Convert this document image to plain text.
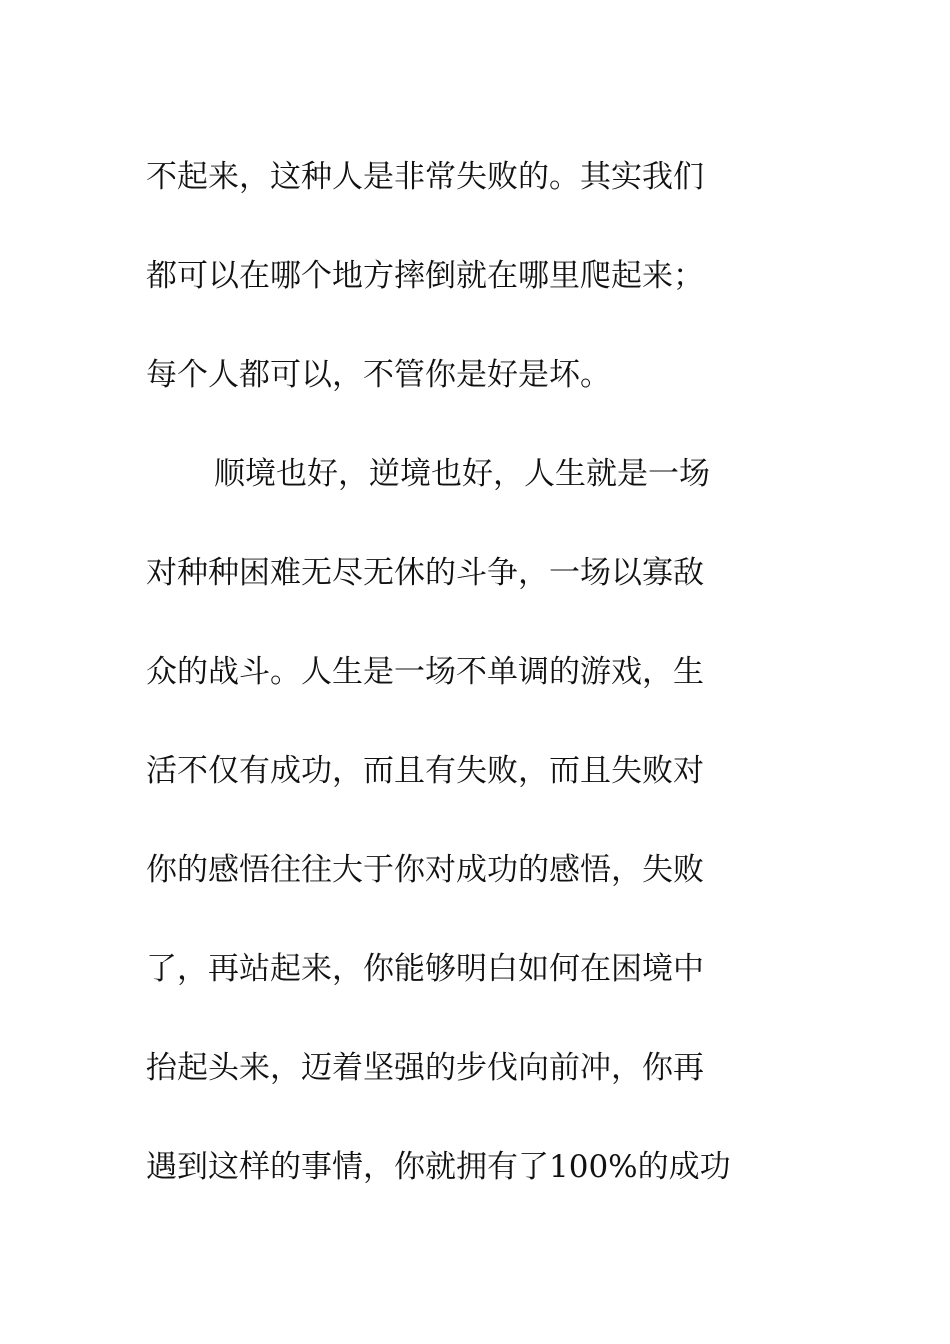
不起来，这种人是非常失败的。其实我们
都可以在哪个地方摔倒就在哪里爬起来；
每个人都可以，不管你是好是坏。
顺境也好，逆境也好，人生就是一场
对种种困难无尽无休的斗争，一场以寡敌
众的战斗。人生是一场不单调的游戏，生
活不仅有成功，而且有失败，而且失败对
你的感悟往往大于你对成功的感悟，失败
了，再站起来，你能够明白如何在困境中
抬起头来，迈着坚强的步伐向前冲，你再
遇到这样的事情，你就拥有了100%的成功
